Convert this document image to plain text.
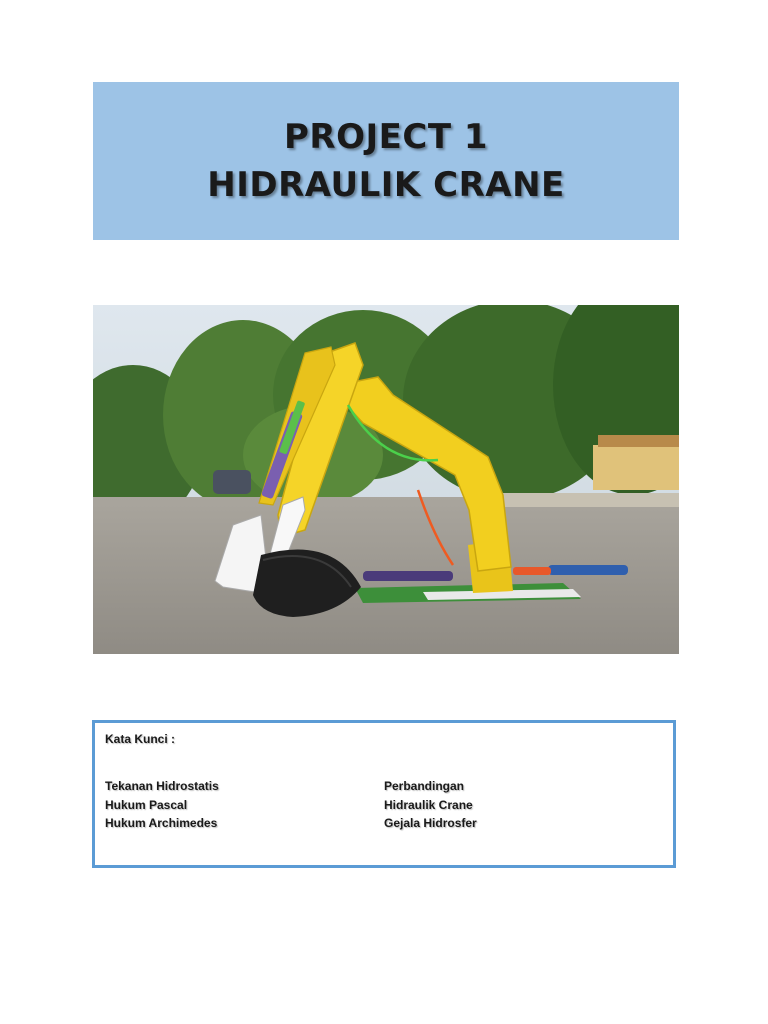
PROJECT 1
HIDRAULIK CRANE
Kata Kunci :
Tekanan Hidrostatis
Hukum Pascal
Hukum Archimedes
Perbandingan
Hidraulik Crane
Gejala Hidrosfer
